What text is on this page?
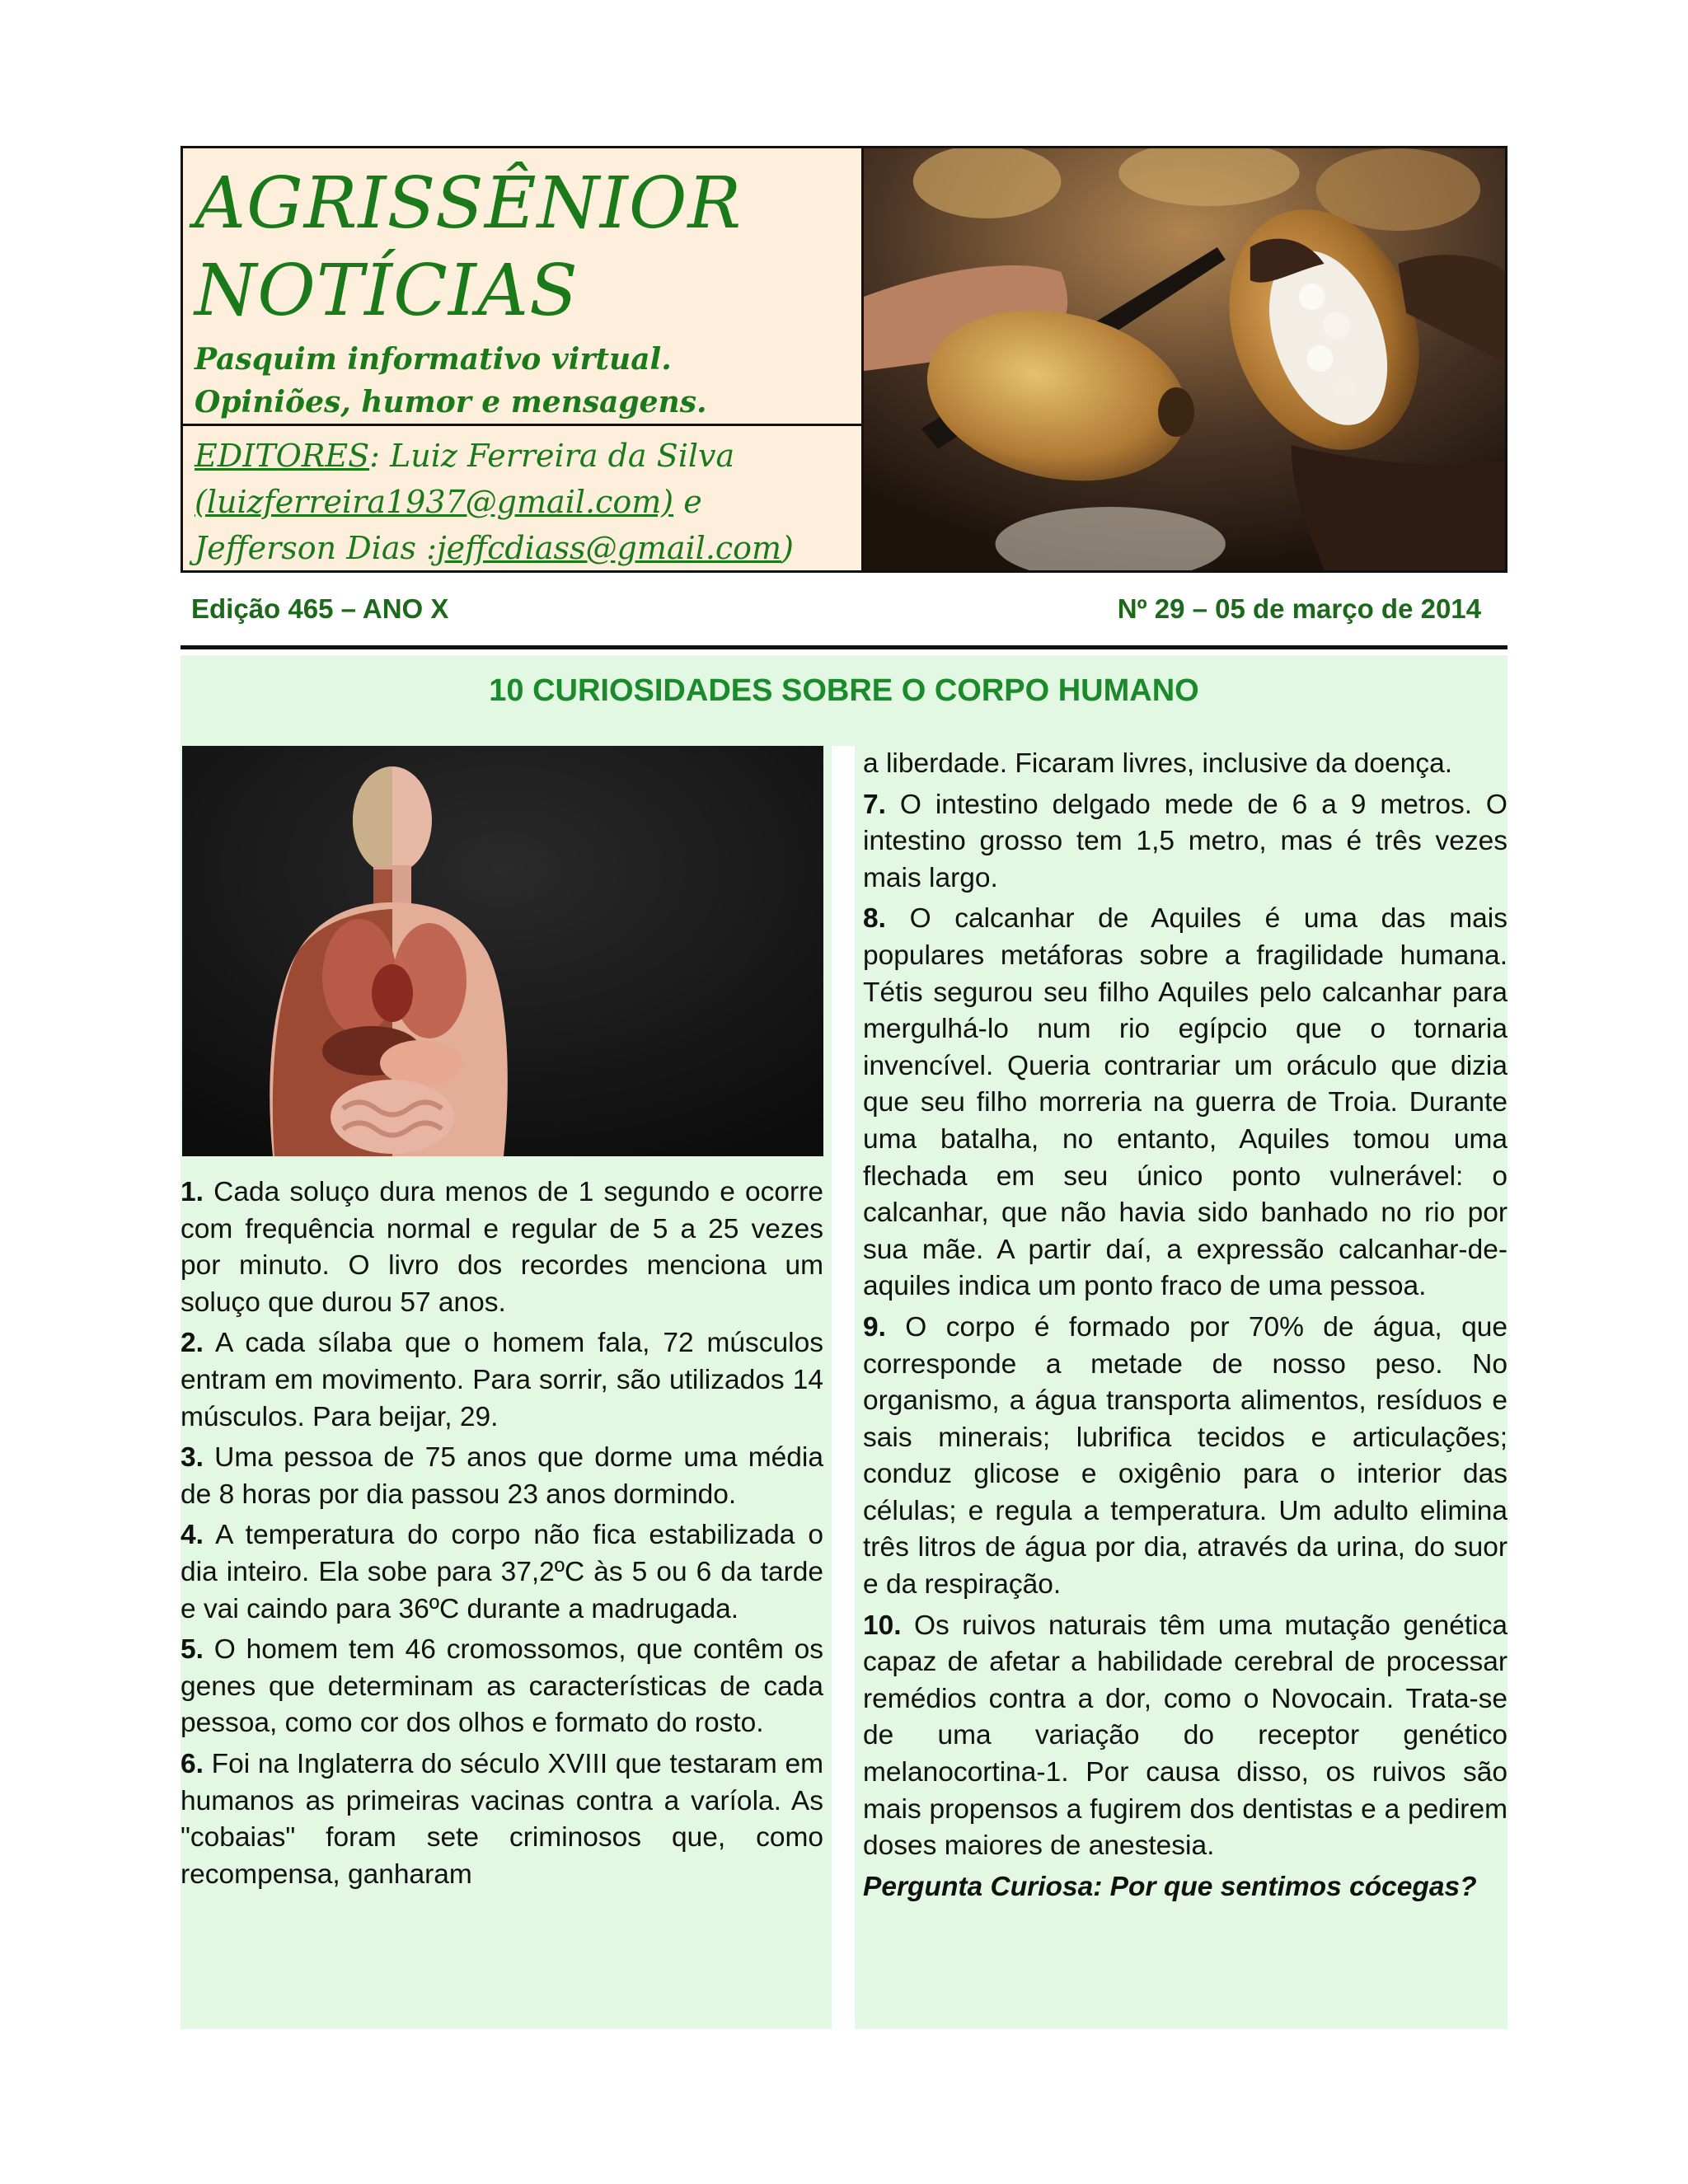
AGRISSÊNIOR
NOTÍCIAS
Pasquim informativo virtual.
Opiniões, humor e mensagens.
EDITORES: Luiz Ferreira da Silva
(luizferreira1937@gmail.com) e
Jefferson Dias :jeffcdiass@gmail.com)
Edição 465 – ANO X	Nº 29 – 05 de março de 2014
10 CURIOSIDADES SOBRE O CORPO HUMANO

1. Cada soluço dura menos de 1 segundo e ocorre com frequência normal e regular de 5 a 25 vezes por minuto. O livro dos recordes menciona um soluço que durou 57 anos.

2. A cada sílaba que o homem fala, 72 músculos entram em movimento. Para sorrir, são utilizados 14 músculos. Para beijar, 29.

3. Uma pessoa de 75 anos que dorme uma média de 8 horas por dia passou 23 anos dormindo.

4. A temperatura do corpo não fica estabilizada o dia inteiro. Ela sobe para 37,2ºC às 5 ou 6 da tarde e vai caindo para 36ºC durante a madrugada.

5. O homem tem 46 cromossomos, que contêm os genes que determinam as características de cada pessoa, como cor dos olhos e formato do rosto.

6. Foi na Inglaterra do século XVIII que testaram em humanos as primeiras vacinas contra a varíola. As "cobaias" foram sete criminosos que, como recompensa, ganharam

a liberdade. Ficaram livres, inclusive da doença.

7. O intestino delgado mede de 6 a 9 metros. O intestino grosso tem 1,5 metro, mas é três vezes mais largo.

8. O calcanhar de Aquiles é uma das mais populares metáforas sobre a fragilidade humana. Tétis segurou seu filho Aquiles pelo calcanhar para mergulhá-lo num rio egípcio que o tornaria invencível. Queria contrariar um oráculo que dizia que seu filho morreria na guerra de Troia. Durante uma batalha, no entanto, Aquiles tomou uma flechada em seu único ponto vulnerável: o calcanhar, que não havia sido banhado no rio por sua mãe. A partir daí, a expressão calcanhar-de-aquiles indica um ponto fraco de uma pessoa.

9. O corpo é formado por 70% de água, que corresponde a metade de nosso peso. No organismo, a água transporta alimentos, resíduos e sais minerais; lubrifica tecidos e articulações; conduz glicose e oxigênio para o interior das células; e regula a temperatura. Um adulto elimina três litros de água por dia, através da urina, do suor e da respiração.

10. Os ruivos naturais têm uma mutação genética capaz de afetar a habilidade cerebral de processar remédios contra a dor, como o Novocain. Trata-se de uma variação do receptor genético melanocortina-1. Por causa disso, os ruivos são mais propensos a fugirem dos dentistas e a pedirem doses maiores de anestesia.

Pergunta Curiosa: Por que sentimos cócegas?
